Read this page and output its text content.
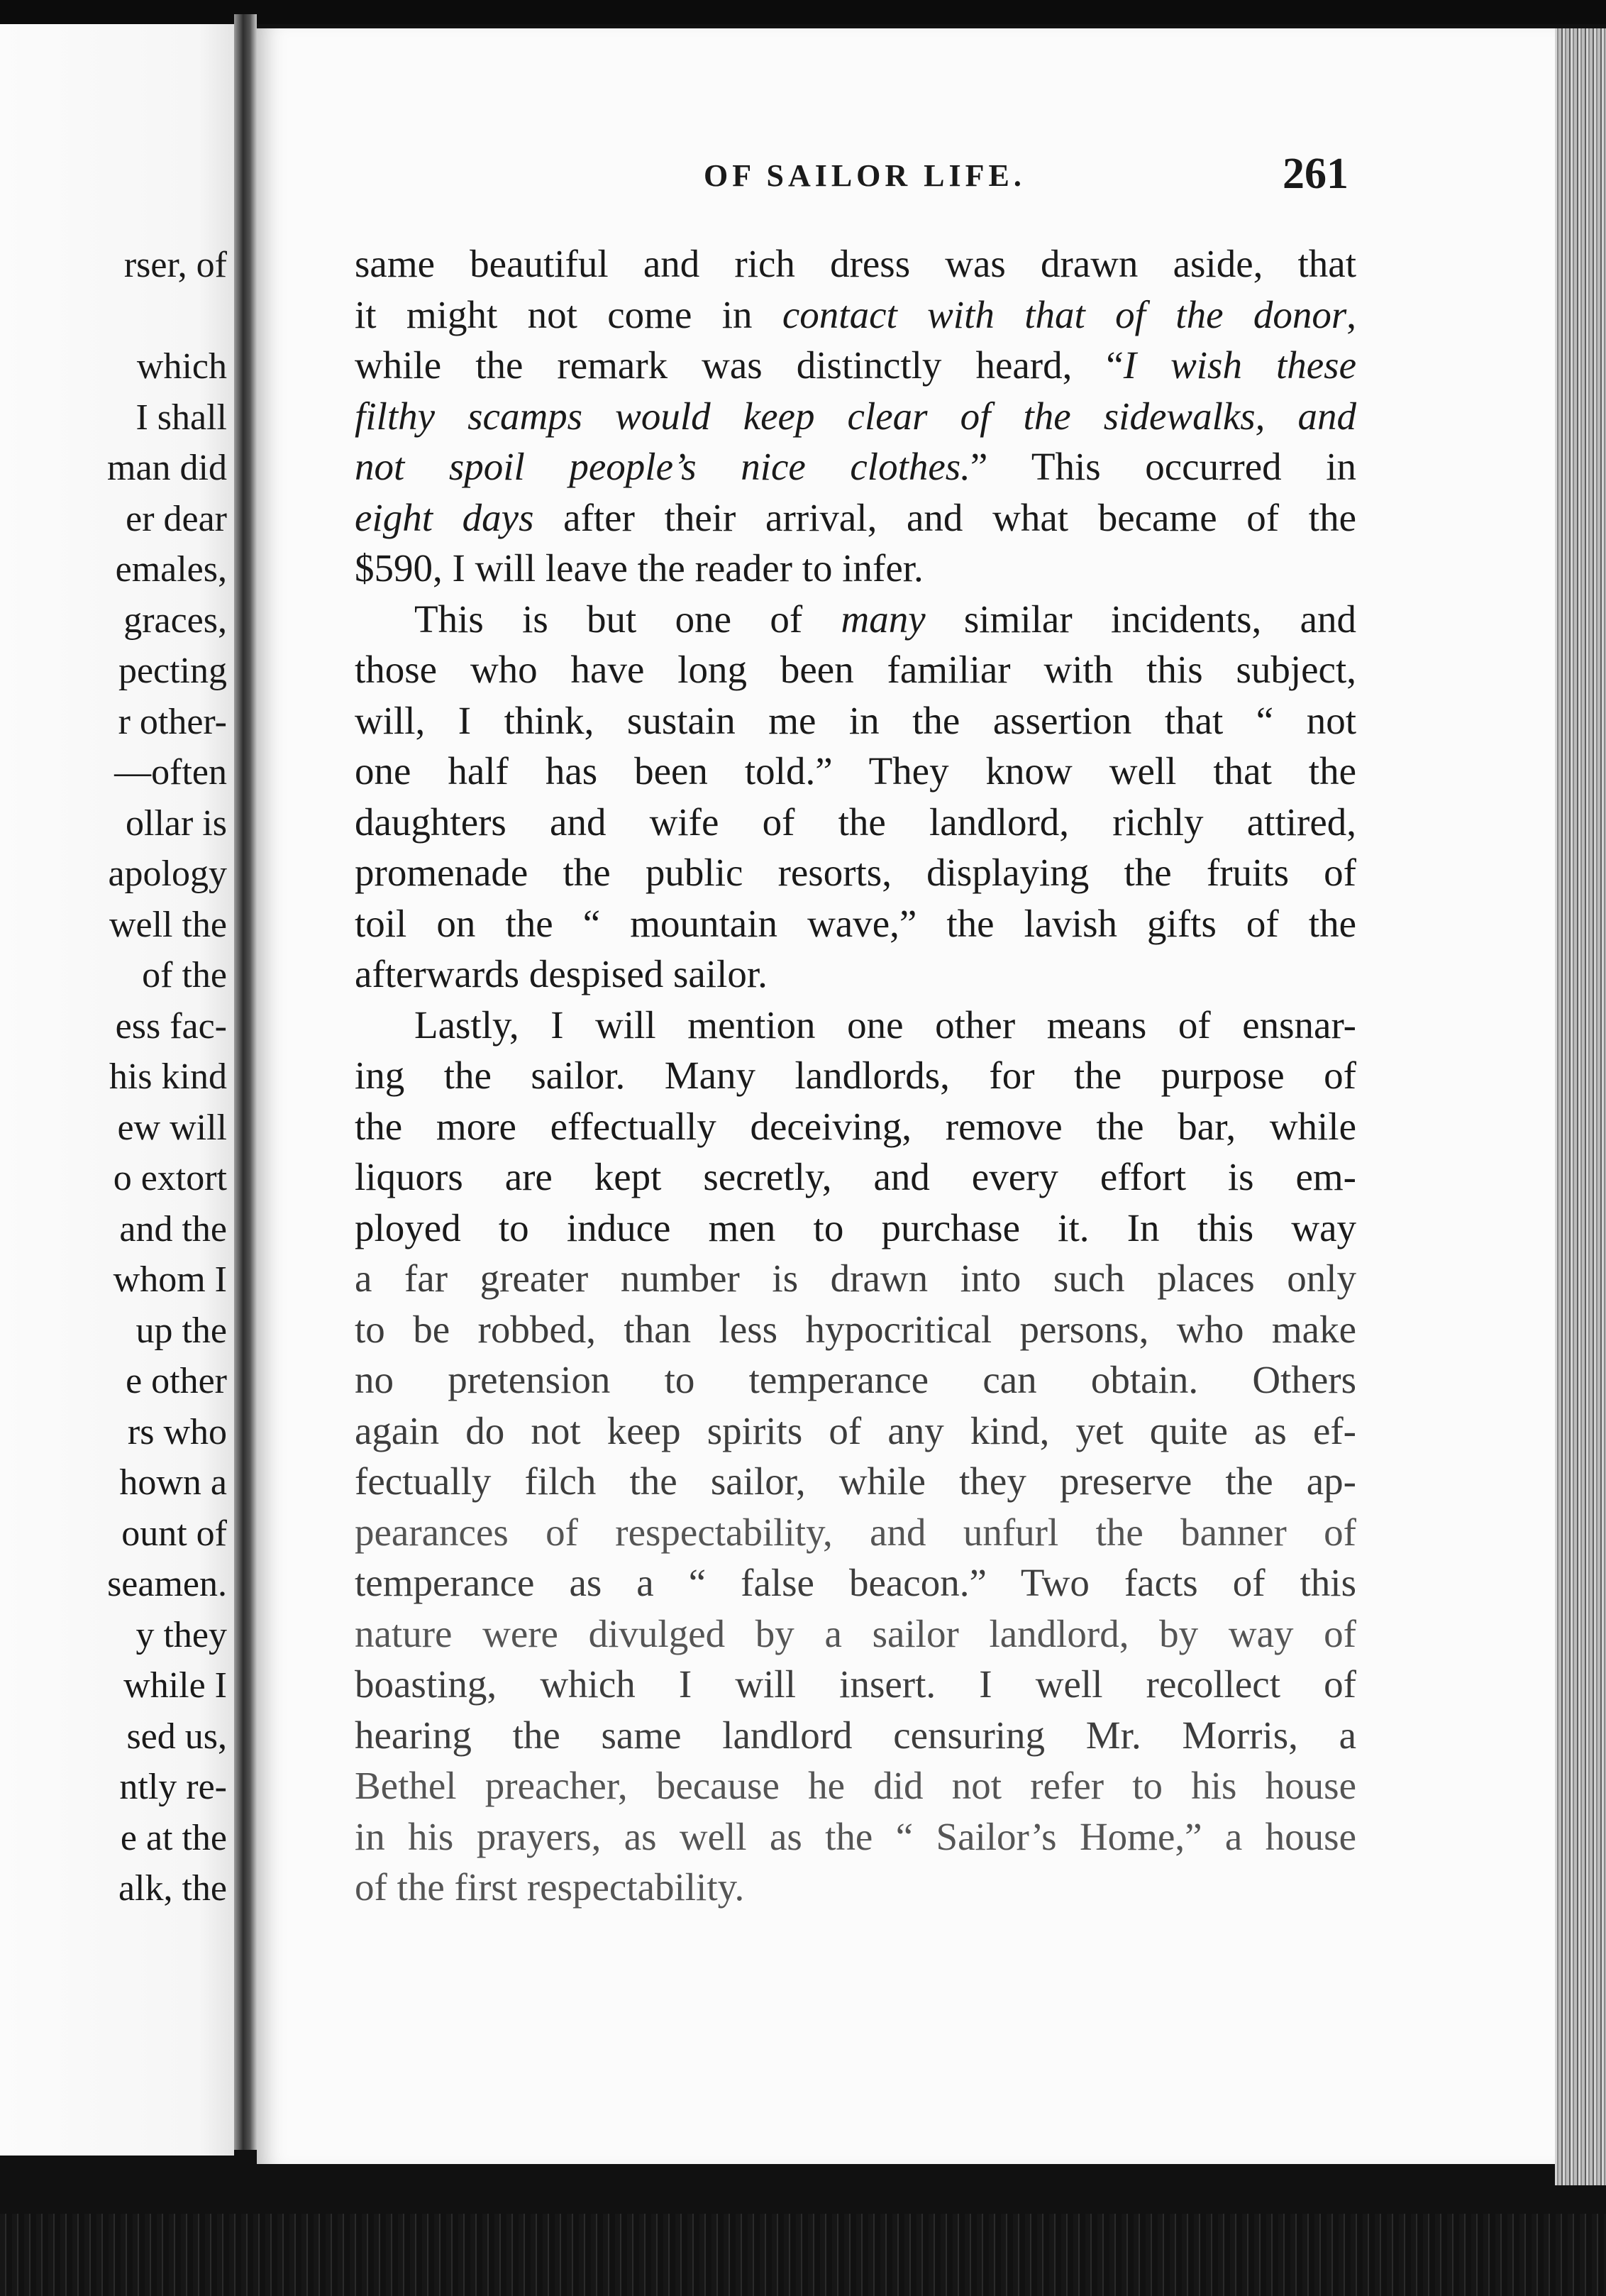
rser, of
which
I shall
man did
er dear
emales,
graces,
pecting
r other-
—often
ollar is
apology
well the
of the
ess fac-
his kind
ew will
o extort
and the
whom I
up the
e other
rs who
hown a
ount of
seamen.
y they
while I
sed us,
ntly re-
e at the
alk, the
OF SAILOR LIFE.	261
same beautiful and rich dress was drawn aside, that
it might not come in contact with that of the donor,
while the remark was distinctly heard, “I wish these
filthy scamps would keep clear of the sidewalks, and
not spoil people’s nice clothes.” This occurred in
eight days after their arrival, and what became of the
$590, I will leave the reader to infer.
This is but one of many similar incidents, and
those who have long been familiar with this subject,
will, I think, sustain me in the assertion that “ not
one half has been told.” They know well that the
daughters and wife of the landlord, richly attired,
promenade the public resorts, displaying the fruits of
toil on the “ mountain wave,” the lavish gifts of the
afterwards despised sailor.
Lastly, I will mention one other means of ensnar-
ing the sailor. Many landlords, for the purpose of
the more effectually deceiving, remove the bar, while
liquors are kept secretly, and every effort is em-
ployed to induce men to purchase it. In this way
a far greater number is drawn into such places only
to be robbed, than less hypocritical persons, who make
no pretension to temperance can obtain. Others
again do not keep spirits of any kind, yet quite as ef-
fectually filch the sailor, while they preserve the ap-
pearances of respectability, and unfurl the banner of
temperance as a “ false beacon.” Two facts of this
nature were divulged by a sailor landlord, by way of
boasting, which I will insert. I well recollect of
hearing the same landlord censuring Mr. Morris, a
Bethel preacher, because he did not refer to his house
in his prayers, as well as the “ Sailor’s Home,” a house
of the first respectability.
